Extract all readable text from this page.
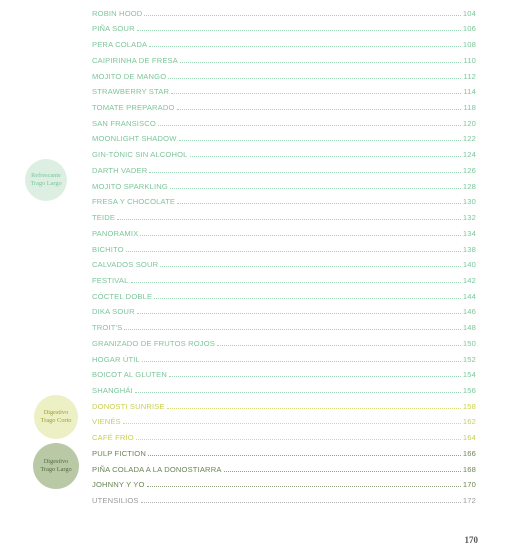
ROBIN HOOD	104
PIÑA SOUR	106
PERA COLADA	108
CAIPIRINHA DE FRESA	110
MOJITO DE MANGO	112
STRAWBERRY STAR	114
TOMATE PREPARADO	118
SAN FRANSISCO	120
MOONLIGHT SHADOW	122
GIN-TÓNIC SIN ALCOHOL	124
DARTH VADER	126
MOJITO SPARKLING	128
FRESA Y CHOCOLATE	130
TEIDE	132
PANORAMIX	134
BICHITO	138
CALVADOS SOUR	140
FESTIVAL	142
CÓCTEL DOBLE	144
DIKA SOUR	146
TROIT'S	148
GRANIZADO DE FRUTOS ROJOS	150
HOGAR ÚTIL	152
BOICOT AL GLUTEN	154
SHANGHÁI	156
DONOSTI SUNRISE	158
VIENÉS	162
CAFÉ FRÍO	164
PULP FICTION	166
PIÑA COLADA A LA DONOSTIARRA	168
JOHNNY Y YO	170
UTENSILIOS	172
Refrescante
Trago Largo
Digestivo
Trago Corto
Digestivo
Trago Largo
170
